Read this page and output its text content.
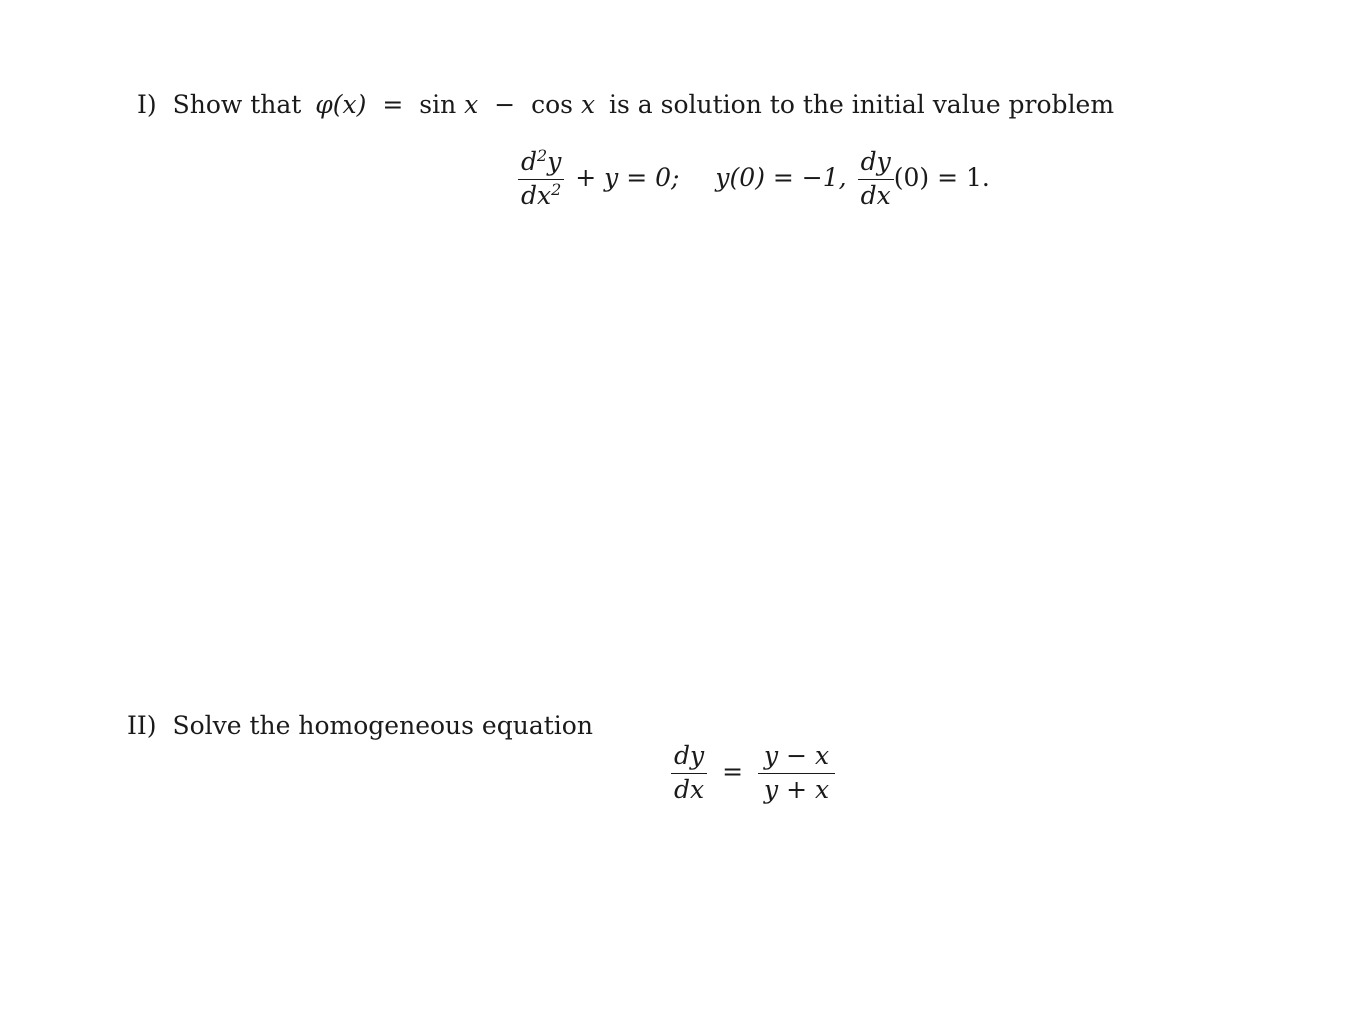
I) Show that φ(x) = sin x − cos x is a solution to the initial value problem
$\frac{d^2y}{dx^2} + y = 0$; y(0) = −1, $\frac{dy}{dx} (0) = 1$.
II) Solve the homogeneous equation
$\frac{dy}{dx} = \frac{y - x}{y + x}$
